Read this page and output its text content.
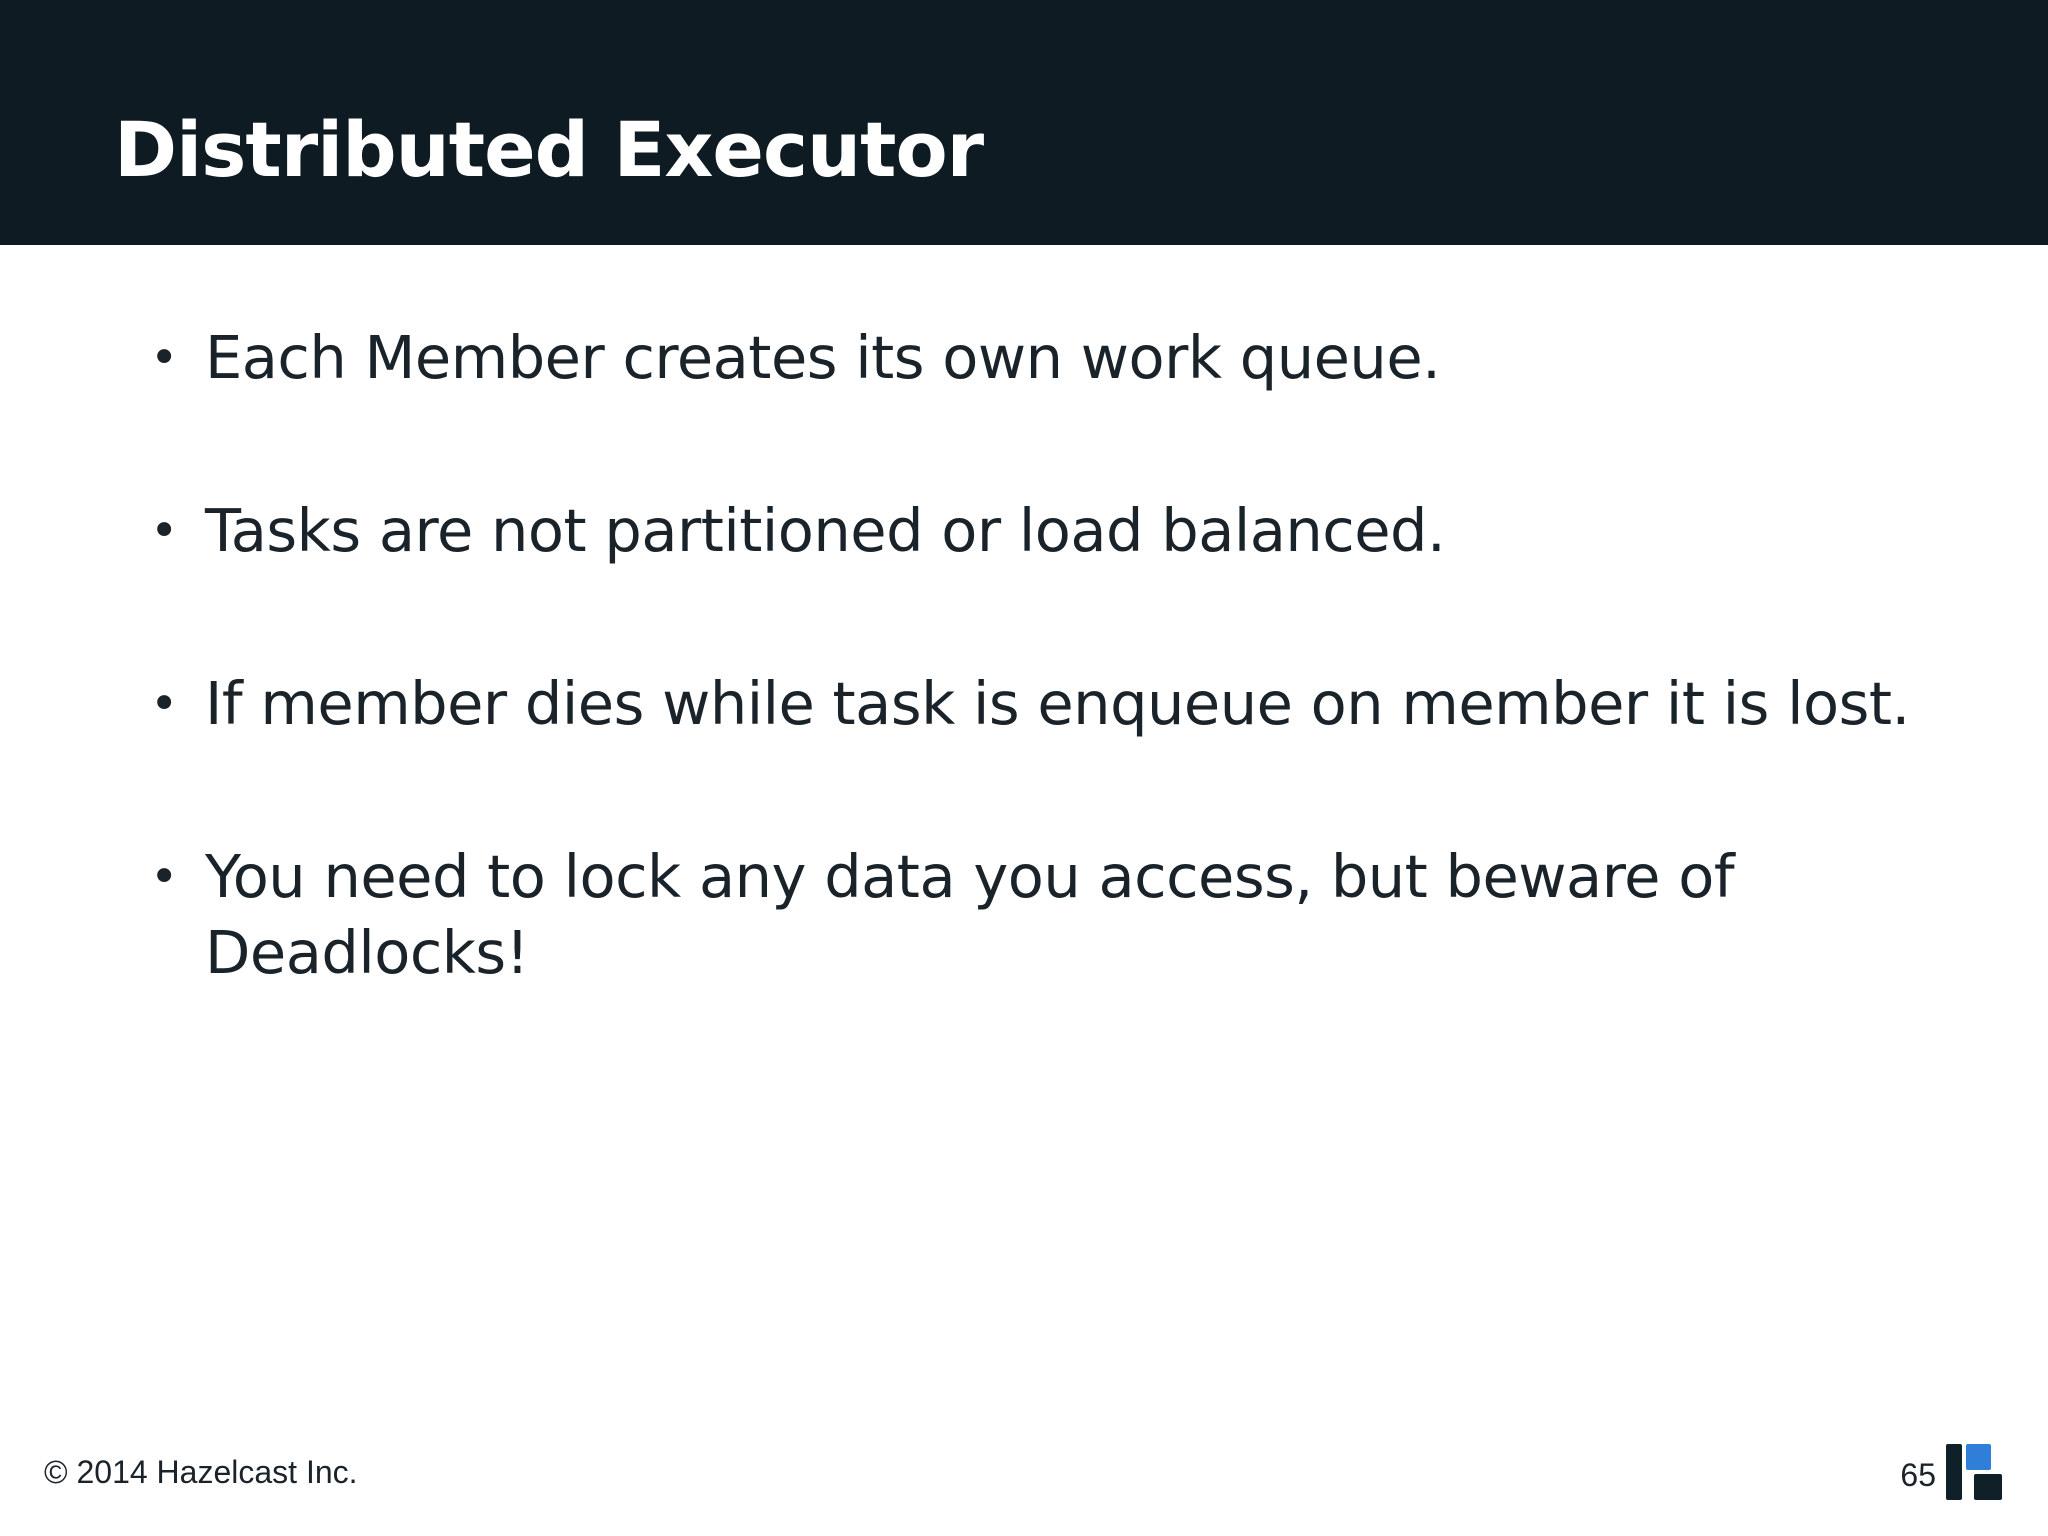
Distributed Executor
• Each Member creates its own work queue.
• Tasks are not partitioned or load balanced.
• If member dies while task is enqueue on member it is lost.
• You need to lock any data you access, but beware of Deadlocks!
© 2014 Hazelcast Inc.	65
